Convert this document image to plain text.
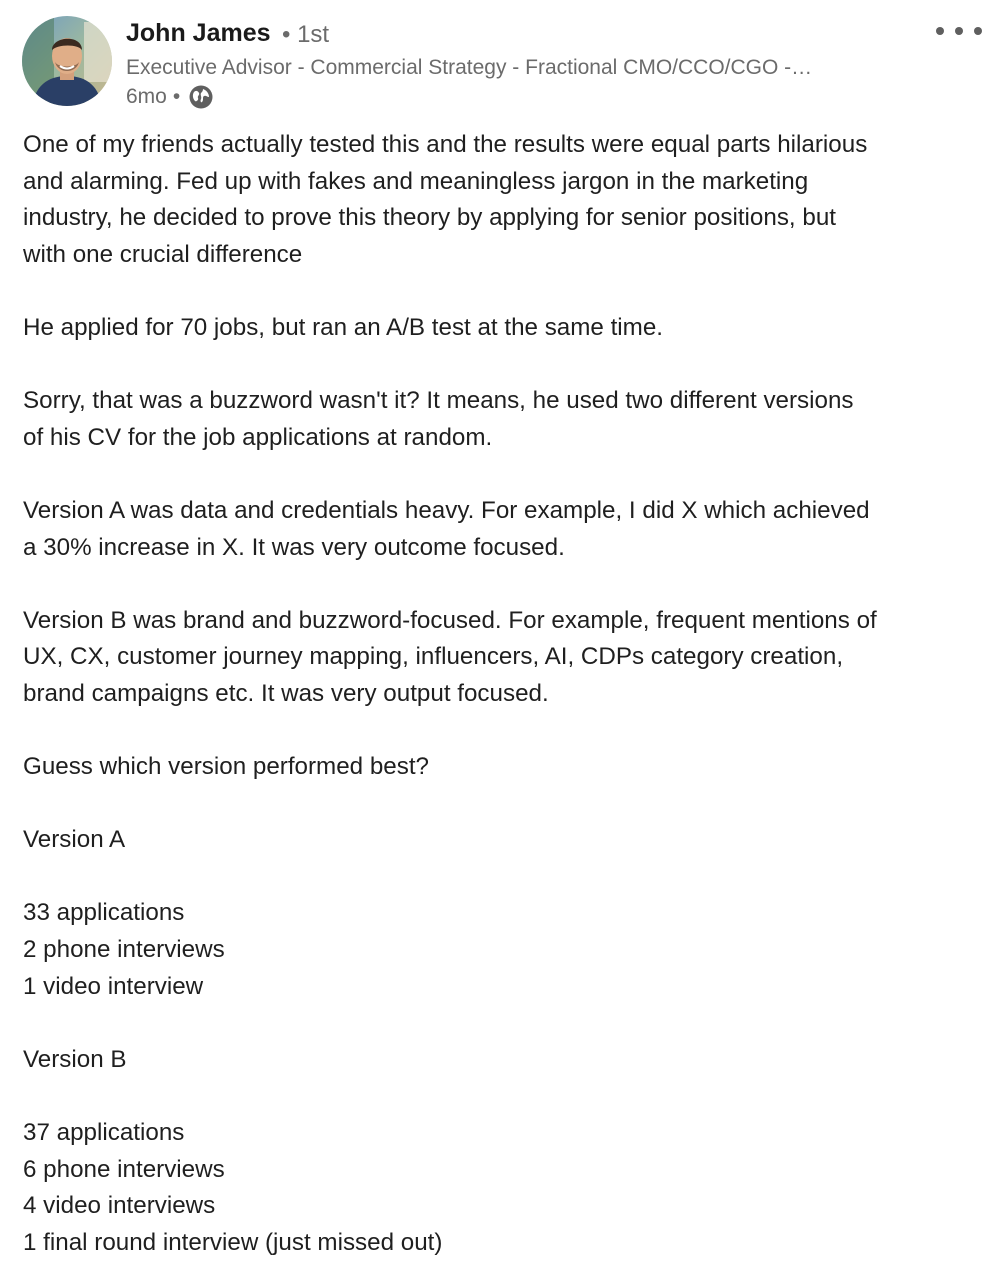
John James • 1st
Executive Advisor - Commercial Strategy - Fractional CMO/CCO/CGO -…
6mo •

One of my friends actually tested this and the results were equal parts hilarious
and alarming. Fed up with fakes and meaningless jargon in the marketing
industry, he decided to prove this theory by applying for senior positions, but
with one crucial difference

He applied for 70 jobs, but ran an A/B test at the same time.

Sorry, that was a buzzword wasn't it? It means, he used two different versions
of his CV for the job applications at random.

Version A was data and credentials heavy. For example, I did X which achieved
a 30% increase in X. It was very outcome focused.

Version B was brand and buzzword-focused. For example, frequent mentions of
UX, CX, customer journey mapping, influencers, AI, CDPs category creation,
brand campaigns etc. It was very output focused.

Guess which version performed best?

Version A

33 applications
2 phone interviews
1 video interview

Version B

37 applications
6 phone interviews
4 video interviews
1 final round interview (just missed out)
